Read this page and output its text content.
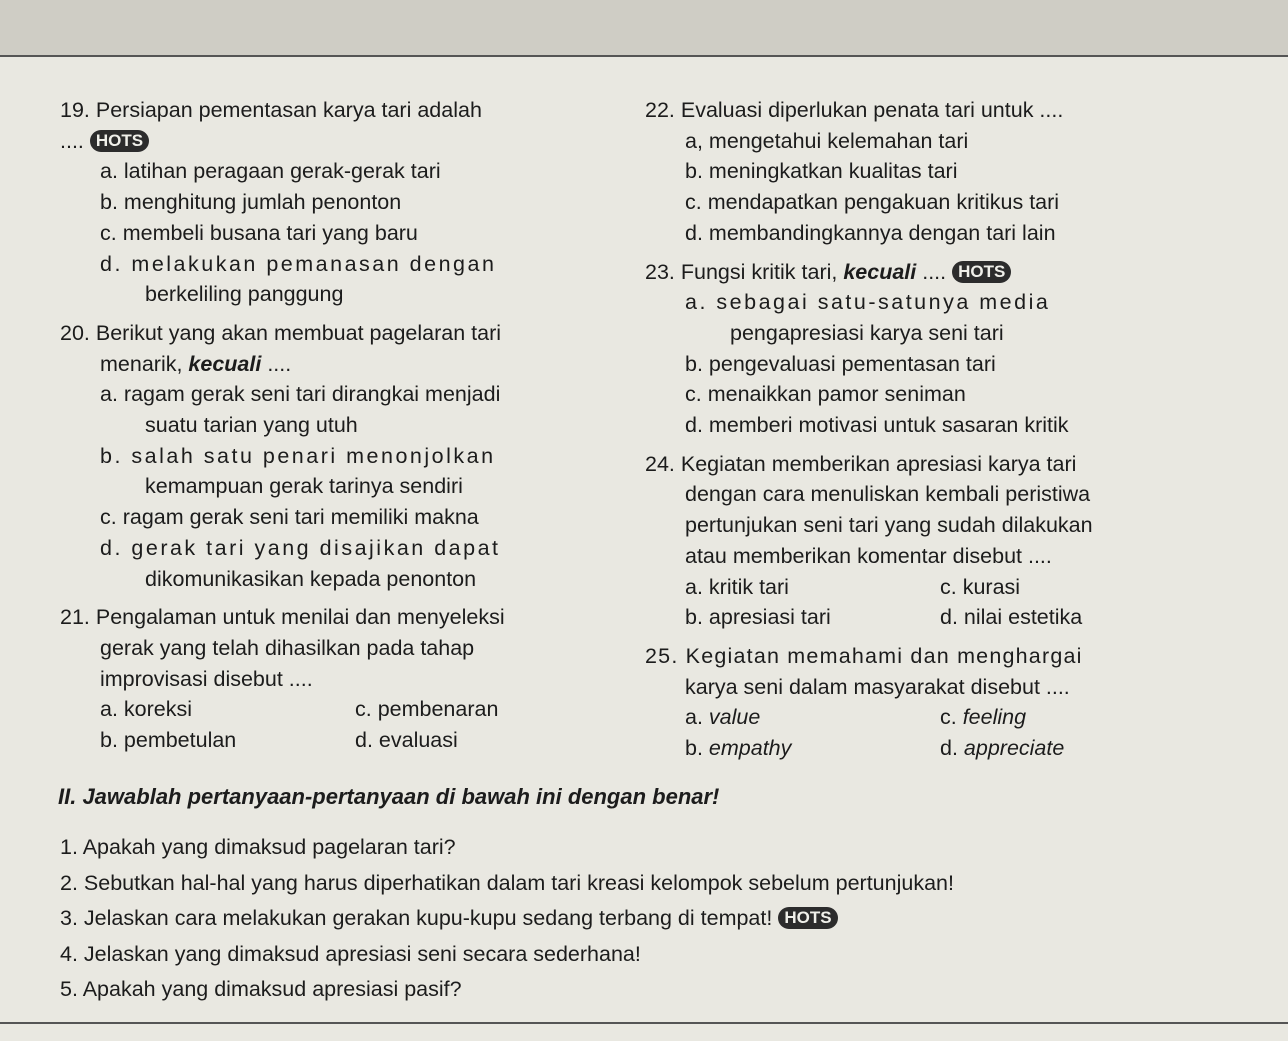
19. Persiapan pementasan karya tari adalah
.... HOTS
a. latihan peragaan gerak-gerak tari
b. menghitung jumlah penonton
c. membeli busana tari yang baru
d. melakukan pemanasan dengan
berkeliling panggung
20. Berikut yang akan membuat pagelaran tari
menarik, kecuali ....
a. ragam gerak seni tari dirangkai menjadi
suatu tarian yang utuh
b. salah satu penari menonjolkan
kemampuan gerak tarinya sendiri
c. ragam gerak seni tari memiliki makna
d. gerak tari yang disajikan dapat
dikomunikasikan kepada penonton
21. Pengalaman untuk menilai dan menyeleksi
gerak yang telah dihasilkan pada tahap
improvisasi disebut ....
a. koreksi	c. pembenaran
b. pembetulan	d. evaluasi
22. Evaluasi diperlukan penata tari untuk ....
a, mengetahui kelemahan tari
b. meningkatkan kualitas tari
c. mendapatkan pengakuan kritikus tari
d. membandingkannya dengan tari lain
23. Fungsi kritik tari, kecuali .... HOTS
a. sebagai satu-satunya media
pengapresiasi karya seni tari
b. pengevaluasi pementasan tari
c. menaikkan pamor seniman
d. memberi motivasi untuk sasaran kritik
24. Kegiatan memberikan apresiasi karya tari
dengan cara menuliskan kembali peristiwa
pertunjukan seni tari yang sudah dilakukan
atau memberikan komentar disebut ....
a. kritik tari	c. kurasi
b. apresiasi tari	d. nilai estetika
25. Kegiatan memahami dan menghargai
karya seni dalam masyarakat disebut ....
a. value	c. feeling
b. empathy	d. appreciate
II. Jawablah pertanyaan-pertanyaan di bawah ini dengan benar!
1. Apakah yang dimaksud pagelaran tari?
2. Sebutkan hal-hal yang harus diperhatikan dalam tari kreasi kelompok sebelum pertunjukan!
3. Jelaskan cara melakukan gerakan kupu-kupu sedang terbang di tempat! HOTS
4. Jelaskan yang dimaksud apresiasi seni secara sederhana!
5. Apakah yang dimaksud apresiasi pasif?
